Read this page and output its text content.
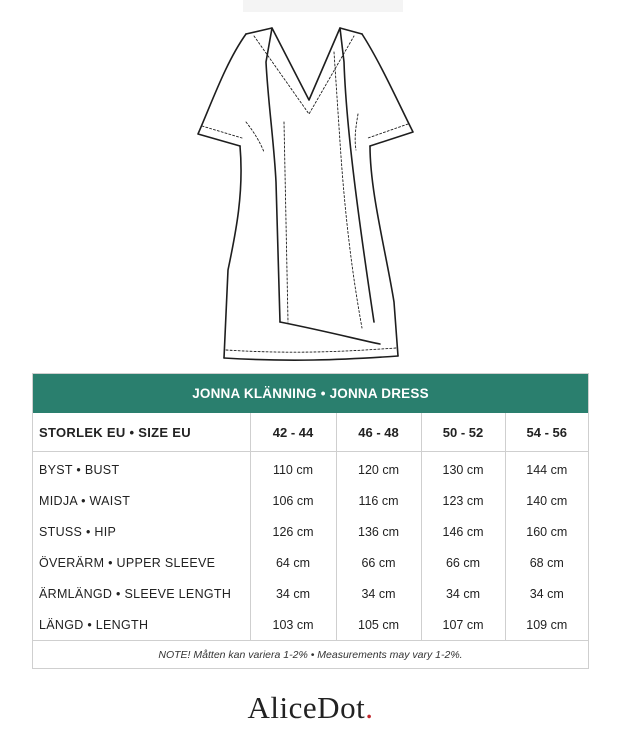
JONNA KLÄNNING • JONNA DRESS
STORLEK EU • SIZE EU	42 - 44	46 - 48	50 - 52	54 - 56
BYST • BUST	110 cm	120 cm	130 cm	144 cm
MIDJA • WAIST	106 cm	116 cm	123 cm	140 cm
STUSS • HIP	126 cm	136 cm	146 cm	160 cm
ÖVERÄRM • UPPER SLEEVE	64 cm	66 cm	66 cm	68 cm
ÄRMLÄNGD • SLEEVE LENGTH	34 cm	34 cm	34 cm	34 cm
LÄNGD • LENGTH	103 cm	105 cm	107 cm	109 cm
NOTE! Måtten kan variera 1-2% • Measurements may vary 1-2%.
AliceDot.
